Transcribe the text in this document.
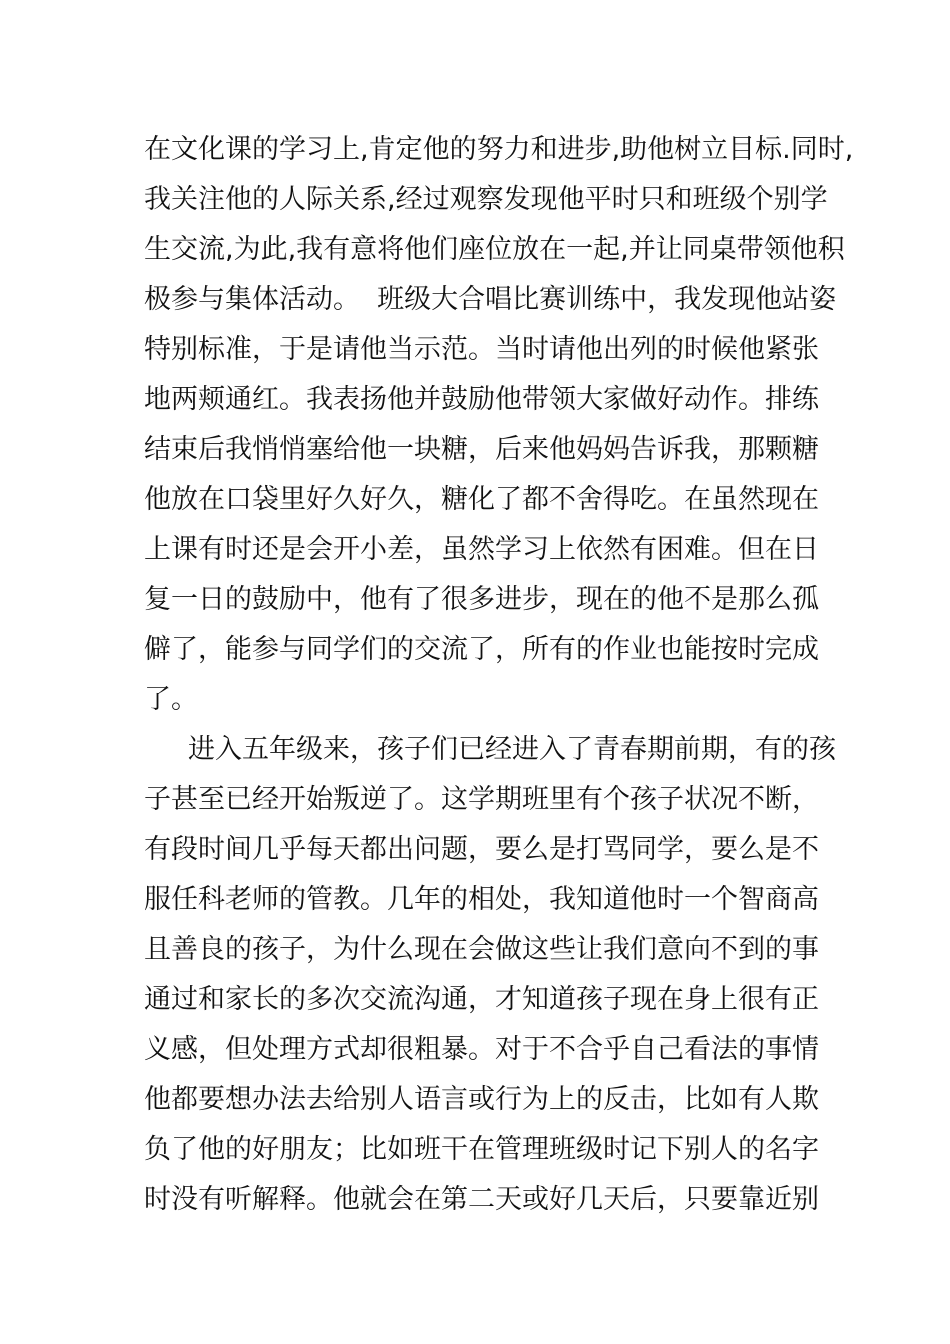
在文化课的学习上,肯定他的努力和进步,助他树立目标.同时,
我关注他的人际关系,经过观察发现他平时只和班级个别学
生交流,为此,我有意将他们座位放在一起,并让同桌带领他积
极参与集体活动。  班级大合唱比赛训练中，我发现他站姿
特别标准，于是请他当示范。当时请他出列的时候他紧张
地两颊通红。我表扬他并鼓励他带领大家做好动作。排练
结束后我悄悄塞给他一块糖，后来他妈妈告诉我，那颗糖
他放在口袋里好久好久，糖化了都不舍得吃。在虽然现在
上课有时还是会开小差，虽然学习上依然有困难。但在日
复一日的鼓励中，他有了很多进步，现在的他不是那么孤
僻了，能参与同学们的交流了，所有的作业也能按时完成
了。
进入五年级来，孩子们已经进入了青春期前期，有的孩
子甚至已经开始叛逆了。这学期班里有个孩子状况不断，
有段时间几乎每天都出问题，要么是打骂同学，要么是不
服任科老师的管教。几年的相处，我知道他时一个智商高
且善良的孩子，为什么现在会做这些让我们意向不到的事
通过和家长的多次交流沟通，才知道孩子现在身上很有正
义感，但处理方式却很粗暴。对于不合乎自己看法的事情
他都要想办法去给别人语言或行为上的反击，比如有人欺
负了他的好朋友；比如班干在管理班级时记下别人的名字
时没有听解释。他就会在第二天或好几天后，只要靠近别
